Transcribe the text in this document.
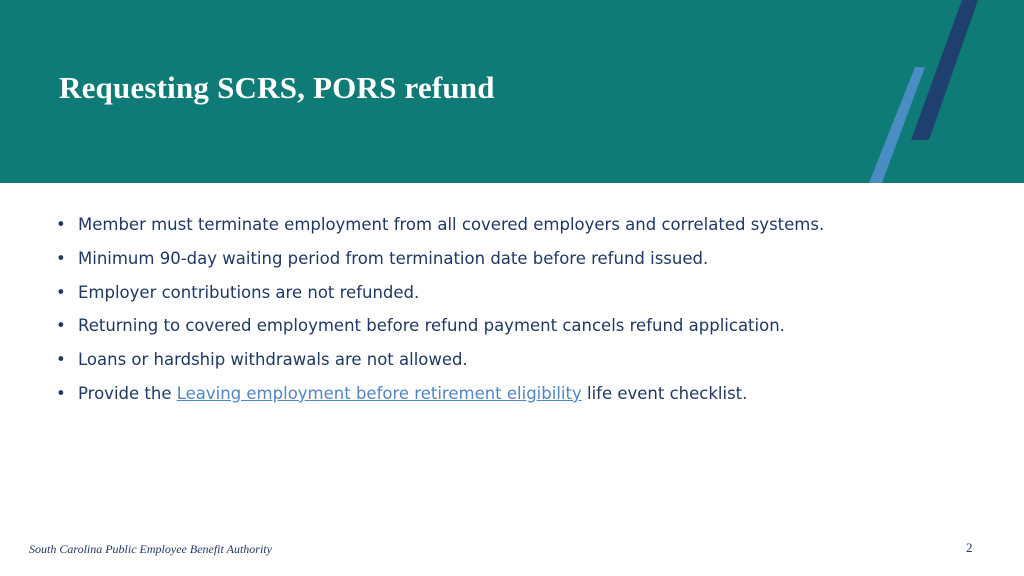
Requesting SCRS, PORS refund
• Member must terminate employment from all covered employers and correlated systems.
• Minimum 90-day waiting period from termination date before refund issued.
• Employer contributions are not refunded.
• Returning to covered employment before refund payment cancels refund application.
• Loans or hardship withdrawals are not allowed.
• Provide the Leaving employment before retirement eligibility life event checklist.
South Carolina Public Employee Benefit Authority	2
